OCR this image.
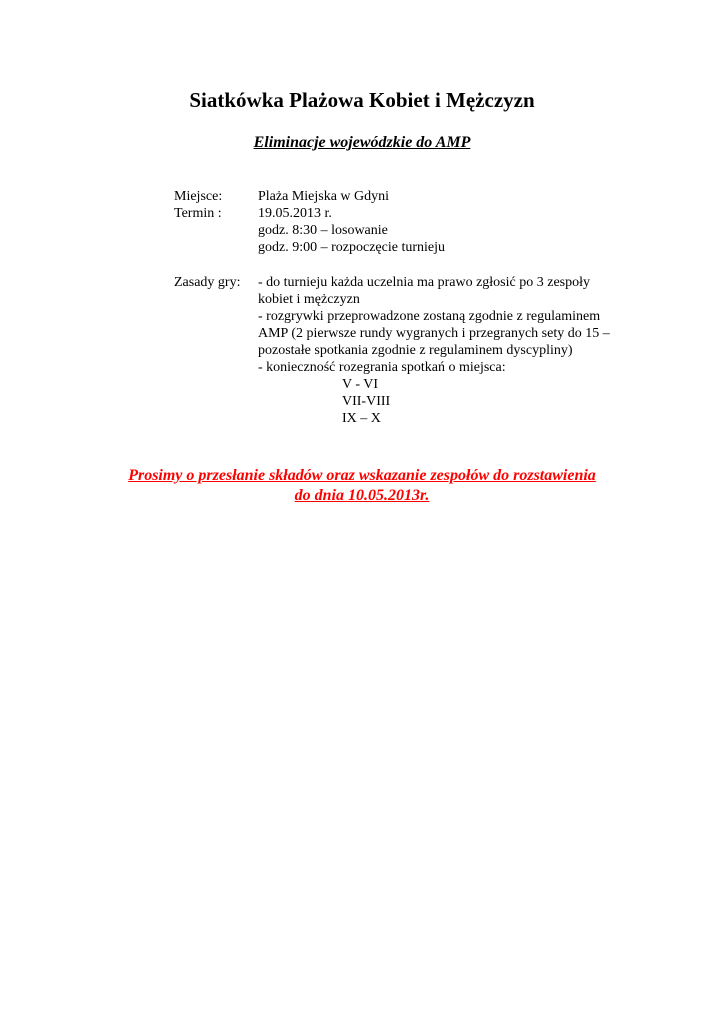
Siatkówka Plażowa Kobiet i Mężczyzn
Eliminacje wojewódzkie do AMP
Miejsce:	Plaża Miejska w Gdyni
Termin :	19.05.2013 r.
godz. 8:30 – losowanie
godz. 9:00 – rozpoczęcie turnieju
Zasady gry:	- do turnieju każda uczelnia ma prawo zgłosić po 3 zespoły
kobiet i mężczyzn
- rozgrywki przeprowadzone zostaną zgodnie z regulaminem
AMP (2 pierwsze rundy wygranych i przegranych sety do 15 –
pozostałe spotkania zgodnie z regulaminem dyscypliny)
- konieczność rozegrania spotkań o miejsca:
V - VI
VII-VIII
IX – X
Prosimy o przesłanie składów oraz wskazanie zespołów do rozstawienia
do dnia 10.05.2013r.
